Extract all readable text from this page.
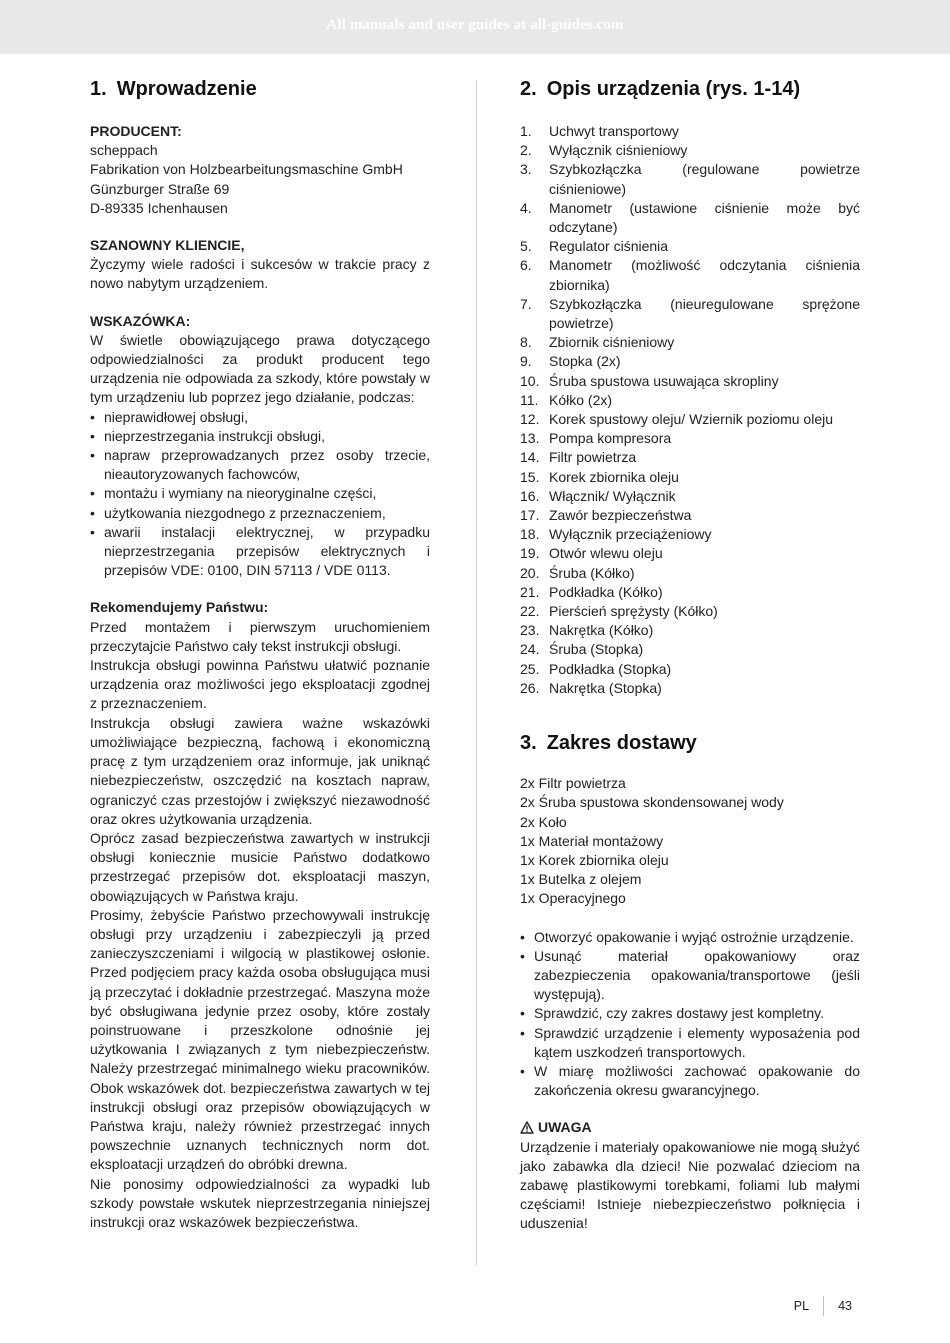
All manuals and user guides at all-guides.com
1. Wprowadzenie
PRODUCENT:
scheppach
Fabrikation von Holzbearbeitungsmaschine GmbH
Günzburger Straße 69
D-89335 Ichenhausen
SZANOWNY KLIENCIE,

Życzymy wiele radości i sukcesów w trakcie pracy z nowo nabytym urządzeniem.

WSKAZÓWKA:

W świetle obowiązującego prawa dotyczącego odpowiedzialności za produkt producent tego urządzenia nie odpowiada za szkody, które powstały w tym urządzeniu lub poprzez jego działanie, podczas:

• nieprawidłowej obsługi,
• nieprzestrzegania instrukcji obsługi,
• napraw przeprowadzanych przez osoby trzecie, nieautoryzowanych fachowców,
• montażu i wymiany na nieoryginalne części,
• użytkowania niezgodnego z przeznaczeniem,
• awarii instalacji elektrycznej, w przypadku nieprzestrzegania przepisów elektrycznych i przepisów VDE: 0100, DIN 57113 / VDE 0113.
Rekomendujemy Państwu:

Przed montażem i pierwszym uruchomieniem przeczytajcie Państwo cały tekst instrukcji obsługi.

Instrukcja obsługi powinna Państwu ułatwić poznanie urządzenia oraz możliwości jego eksploatacji zgodnej z przeznaczeniem.

Instrukcja obsługi zawiera ważne wskazówki umożliwiające bezpieczną, fachową i ekonomiczną pracę z tym urządzeniem oraz informuje, jak uniknąć niebezpieczeństw, oszczędzić na kosztach napraw, ograniczyć czas przestojów i zwiększyć niezawodność oraz okres użytkowania urządzenia.

Oprócz zasad bezpieczeństwa zawartych w instrukcji obsługi koniecznie musicie Państwo dodatkowo przestrzegać przepisów dot. eksploatacji maszyn, obowiązujących w Państwa kraju.

Prosimy, żebyście Państwo przechowywali instrukcję obsługi przy urządzeniu i zabezpieczyli ją przed zanieczyszczeniami i wilgocią w plastikowej osłonie. Przed podjęciem pracy każda osoba obsługująca musi ją przeczytać i dokładnie przestrzegać. Maszyna może być obsługiwana jedynie przez osoby, które zostały poinstruowane i przeszkolone odnośnie jej użytkowania I związanych z tym niebezpieczeństw. Należy przestrzegać minimalnego wieku pracowników. Obok wskazówek dot. bezpieczeństwa zawartych w tej instrukcji obsługi oraz przepisów obowiązujących w Państwa kraju, należy również przestrzegać innych powszechnie uznanych technicznych norm dot. eksploatacji urządzeń do obróbki drewna.

Nie ponosimy odpowiedzialności za wypadki lub szkody powstałe wskutek nieprzestrzegania niniejszej instrukcji oraz wskazówek bezpieczeństwa.

2. Opis urządzenia (rys. 1-14)
1. Uchwyt transportowy
2. Wyłącznik ciśnieniowy
3. Szybkozłączka (regulowane powietrze ciśnieniowe)
4. Manometr (ustawione ciśnienie może być odczytane)
5. Regulator ciśnienia
6. Manometr (możliwość odczytania ciśnienia zbiornika)
7. Szybkozłączka (nieuregulowane sprężone powietrze)
8. Zbiornik ciśnieniowy
9. Stopka (2x)
10. Śruba spustowa usuwająca skropliny
11. Kółko (2x)
12. Korek spustowy oleju/ Wziernik poziomu oleju
13. Pompa kompresora
14. Filtr powietrza
15. Korek zbiornika oleju
16. Włącznik/ Wyłącznik
17. Zawór bezpieczeństwa
18. Wyłącznik przeciążeniowy
19. Otwór wlewu oleju
20. Śruba (Kółko)
21. Podkładka (Kółko)
22. Pierścień sprężysty (Kółko)
23. Nakrętka (Kółko)
24. Śruba (Stopka)
25. Podkładka (Stopka)
26. Nakrętka (Stopka)
3. Zakres dostawy
2x Filtr powietrza
2x Śruba spustowa skondensowanej wody
2x Koło
1x Materiał montażowy
1x Korek zbiornika oleju
1x Butelka z olejem
1x Operacyjnego
• Otworzyć opakowanie i wyjąć ostrożnie urządzenie.
• Usunąć materiał opakowaniowy oraz zabezpieczenia opakowania/transportowe (jeśli występują).
• Sprawdzić, czy zakres dostawy jest kompletny.
• Sprawdzić urządzenie i elementy wyposażenia pod kątem uszkodzeń transportowych.
• W miarę możliwości zachować opakowanie do zakończenia okresu gwarancyjnego.
UWAGA

Urządzenie i materiały opakowaniowe nie mogą służyć jako zabawka dla dzieci! Nie pozwalać dzieciom na zabawę plastikowymi torebkami, foliami lub małymi częściami! Istnieje niebezpieczeństwo połknięcia i uduszenia!

PL 43
